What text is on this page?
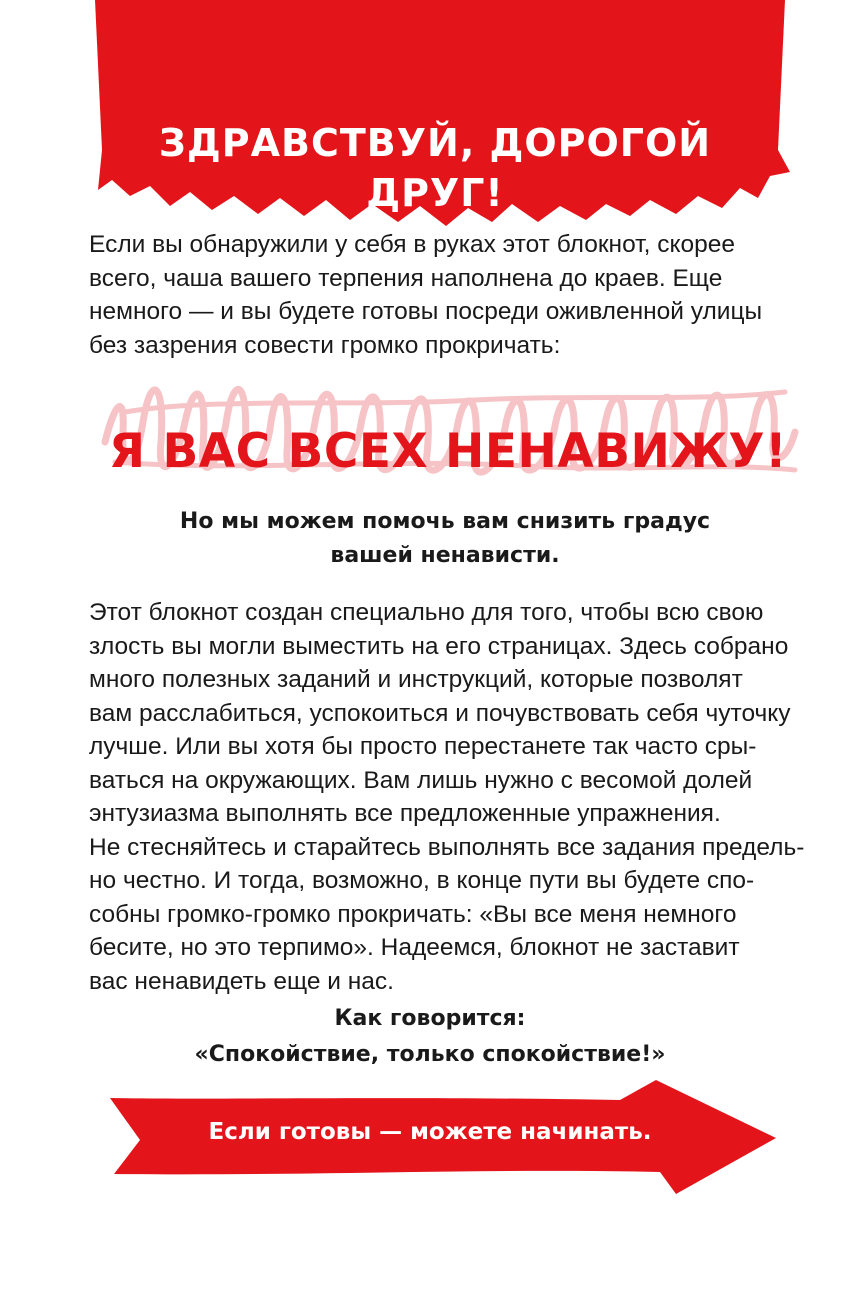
ЗДРАВСТВУЙ, ДОРОГОЙ ДРУГ!

Если вы обнаружили у себя в руках этот блокнот, скорее всего, чаша вашего терпения наполнена до краев. Еще немного — и вы будете готовы посреди оживленной улицы без зазрения совести громко прокричать:

Я ВАС ВСЕХ НЕНАВИЖУ!
Но мы можем помочь вам снизить градус
вашей ненависти.
Этот блокнот создан специально для того, чтобы всю свою
злость вы могли выместить на его страницах. Здесь собрано
много полезных заданий и инструкций, которые позволят
вам расслабиться, успокоиться и почувствовать себя чуточку
лучше. Или вы хотя бы просто перестанете так часто сры-
ваться на окружающих. Вам лишь нужно с весомой долей
энтузиазма выполнять все предложенные упражнения.
Не стесняйтесь и старайтесь выполнять все задания предель-
но честно. И тогда, возможно, в конце пути вы будете спо-
собны громко-громко прокричать: «Вы все меня немного
бесите, но это терпимо». Надеемся, блокнот не заставит
вас ненавидеть еще и нас.
Как говорится:
«Спокойствие, только спокойствие!»

Если готовы — можете начинать.
